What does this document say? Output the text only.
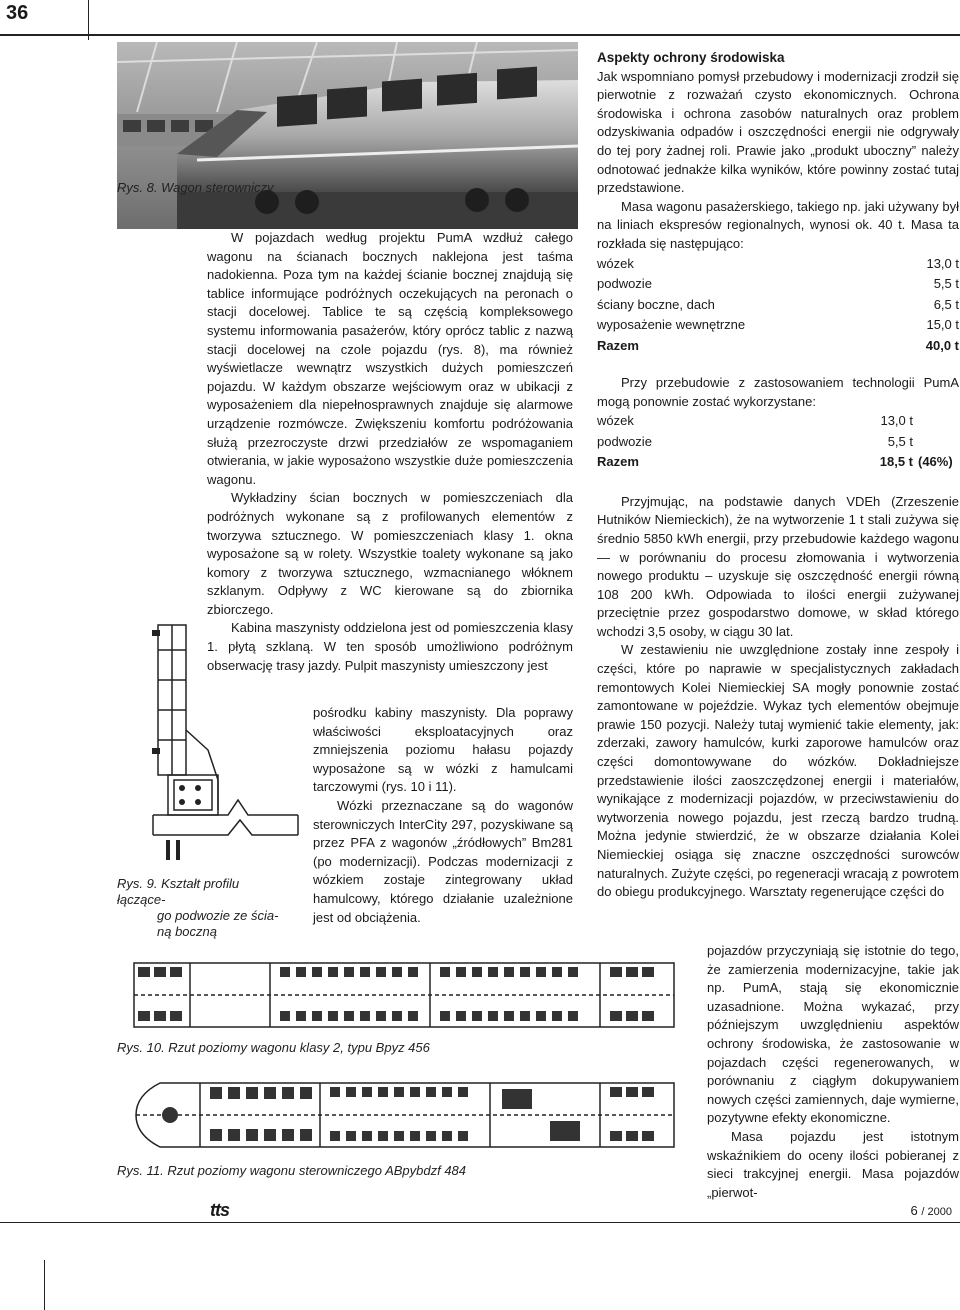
36
Rys. 8. Wagon sterowniczy

W pojazdach według projektu PumA wzdłuż całego wagonu na ścianach bocznych naklejona jest taśma nadokienna. Poza tym na każdej ścianie bocznej znajdują się tablice informujące podróżnych oczekujących na peronach o stacji docelowej. Tablice te są częścią kompleksowego systemu informowania pasażerów, który oprócz tablic z nazwą stacji docelowej na czole pojazdu (rys. 8), ma również wyświetlacze wewnątrz wszystkich dużych pomieszczeń pojazdu. W każdym obszarze wejściowym oraz w ubikacji z wyposażeniem dla niepełnosprawnych znajduje się alarmowe urządzenie rozmówcze. Zwiększeniu komfortu podróżowania służą przezroczyste drzwi przedziałów ze wspomaganiem otwierania, w jakie wyposażono wszystkie duże pomieszczenia wagonu.

Wykładziny ścian bocznych w pomieszczeniach dla podróżnych wykonane są z profilowanych elementów z tworzywa sztucznego. W pomieszczeniach klasy 1. okna wyposażone są w rolety. Wszystkie toalety wykonane są jako komory z tworzywa sztucznego, wzmacnianego włóknem szklanym. Odpływy z WC kierowane są do zbiornika zbiorczego.

Kabina maszynisty oddzielona jest od pomieszczenia klasy 1. płytą szklaną. W ten sposób umożliwiono podróżnym obserwację trasy jazdy. Pulpit maszynisty umieszczony jest

pośrodku kabiny maszynisty. Dla poprawy właściwości eksploatacyjnych oraz zmniejszenia poziomu hałasu pojazdy wyposażone są w wózki z hamulcami tarczowymi (rys. 10 i 11).

Wózki przeznaczane są do wagonów sterowniczych InterCity 297, pozyskiwane są przez PFA z wagonów „źródłowych” Bm281 (po modernizacji). Podczas modernizacji z wózkiem zostaje zintegrowany układ hamulcowy, którego działanie uzależnione jest od obciążenia.

Rys. 9. Kształt profilu łączące-
go podwozie ze ścia-
ną boczną
Rys. 10. Rzut poziomy wagonu klasy 2, typu Bpyz 456
Rys. 11. Rzut poziomy wagonu sterowniczego ABpybdzf 484
Aspekty ochrony środowiska

Jak wspomniano pomysł przebudowy i modernizacji zrodził się pierwotnie z rozważań czysto ekonomicznych. Ochrona środowiska i ochrona zasobów naturalnych oraz problem odzyskiwania odpadów i oszczędności energii nie odgrywały do tej pory żadnej roli. Prawie jako „produkt uboczny” należy odnotować jednakże kilka wyników, które powinny zostać tutaj przedstawione.

Masa wagonu pasażerskiego, takiego np. jaki używany był na liniach ekspresów regionalnych, wynosi ok. 40 t. Masa ta rozkłada się następująco:

wózek	13,0 t
podwozie	5,5 t
ściany boczne, dach	6,5 t
wyposażenie wewnętrzne	15,0 t
Razem	40,0 t

Przy przebudowie z zastosowaniem technologii PumA mogą ponownie zostać wykorzystane:

wózek	13,0 t
podwozie	5,5 t
Razem	18,5 t (46%)

Przyjmując, na podstawie danych VDEh (Zrzeszenie Hutników Niemieckich), że na wytworzenie 1 t stali zużywa się średnio 5850 kWh energii, przy przebudowie każdego wagonu — w porównaniu do procesu złomowania i wytworzenia nowego produktu – uzyskuje się oszczędność energii równą 108 200 kWh. Odpowiada to ilości energii zużywanej przeciętnie przez gospodarstwo domowe, w skład którego wchodzi 3,5 osoby, w ciągu 30 lat.

W zestawieniu nie uwzględnione zostały inne zespoły i części, które po naprawie w specjalistycznych zakładach remontowych Kolei Niemieckiej SA mogły ponownie zostać zamontowane w pojeździe. Wykaz tych elementów obejmuje prawie 150 pozycji. Należy tutaj wymienić takie elementy, jak: zderzaki, zawory hamulców, kurki zaporowe hamulców oraz części domontowywane do wózków. Dokładniejsze przedstawienie ilości zaoszczędzonej energii i materiałów, wynikające z modernizacji pojazdów, w przeciwstawieniu do wytworzenia nowego pojazdu, jest rzeczą bardzo trudną. Można jedynie stwierdzić, że w obszarze działania Kolei Niemieckiej osiąga się znaczne oszczędności surowców naturalnych. Zużyte części, po regeneracji wracają z powrotem do obiegu produkcyjnego. Warsztaty regenerujące części do

pojazdów przyczyniają się istotnie do tego, że zamierzenia modernizacyjne, takie jak np. PumA, stają się ekonomicznie uzasadnione. Można wykazać, przy późniejszym uwzględnieniu aspektów ochrony środowiska, że zastosowanie w pojazdach części regenerowanych, w porównaniu z ciągłym dokupywaniem nowych części zamiennych, daje wymierne, pozytywne efekty ekonomiczne.

Masa pojazdu jest istotnym wskaźnikiem do oceny ilości pobieranej z sieci trakcyjnej energii. Masa pojazdów „pierwot-

tts	6 / 2000
